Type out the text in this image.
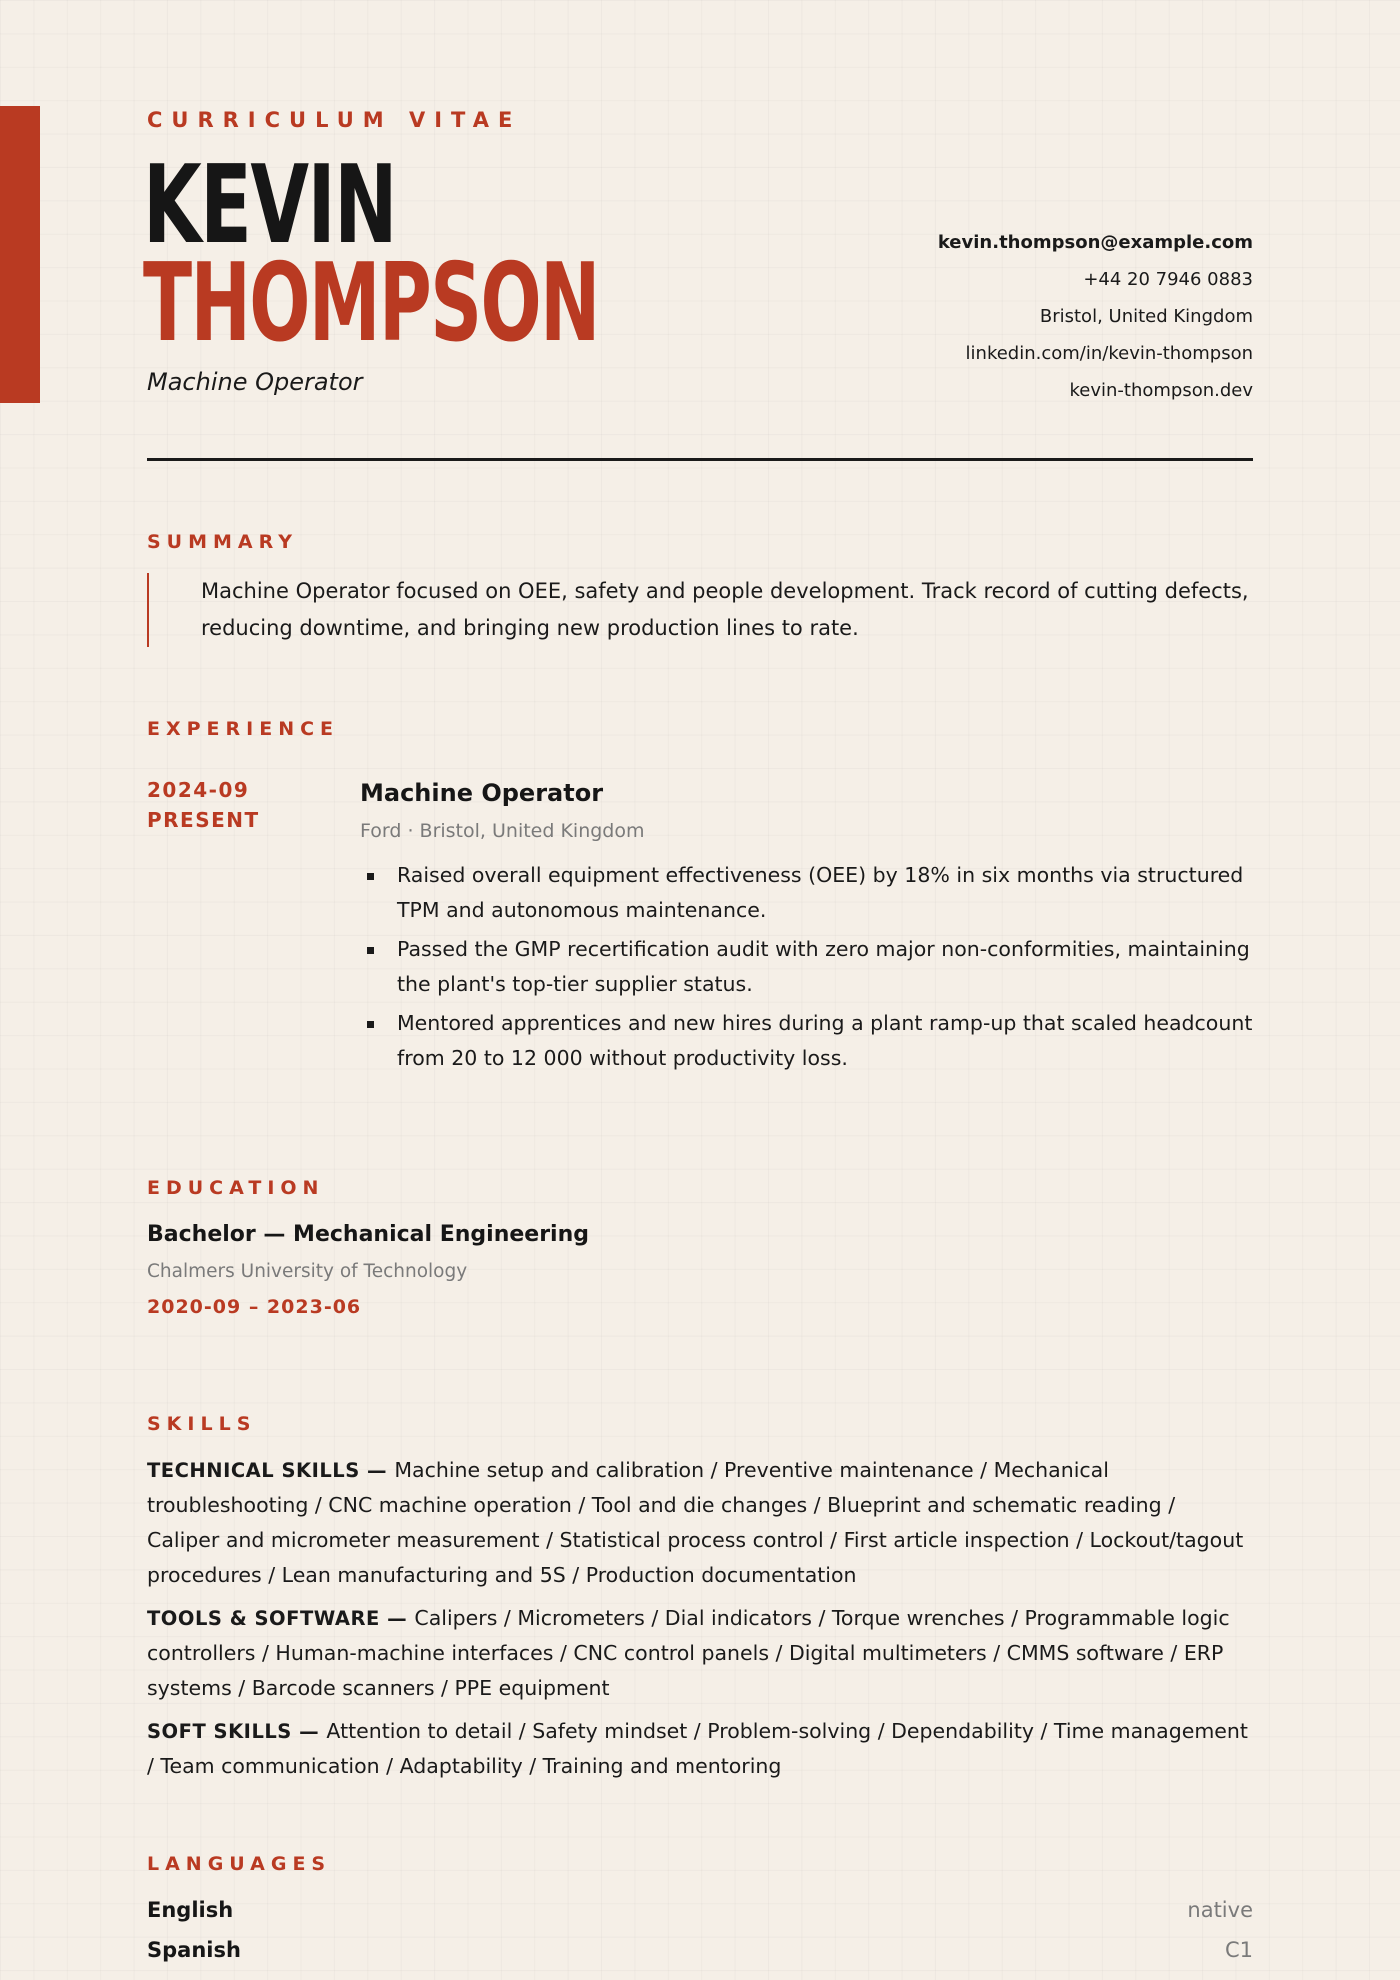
CURRICULUM VITAE
KEVIN
THOMPSON
Machine Operator
kevin.thompson@example.com
+44 20 7946 0883
Bristol, United Kingdom
linkedin.com/in/kevin-thompson
kevin-thompson.dev
SUMMARY
Machine Operator focused on OEE, safety and people development. Track record of cutting defects, reducing downtime, and bringing new production lines to rate.
EXPERIENCE
2024-09
PRESENT
Machine Operator
Ford · Bristol, United Kingdom
Raised overall equipment effectiveness (OEE) by 18% in six months via structured TPM and autonomous maintenance.
Passed the GMP recertification audit with zero major non-conformities, maintaining the plant's top-tier supplier status.
Mentored apprentices and new hires during a plant ramp-up that scaled headcount from 20 to 12 000 without productivity loss.
EDUCATION
Bachelor — Mechanical Engineering
Chalmers University of Technology
2020-09 – 2023-06
SKILLS
TECHNICAL SKILLS — Machine setup and calibration / Preventive maintenance / Mechanical troubleshooting / CNC machine operation / Tool and die changes / Blueprint and schematic reading / Caliper and micrometer measurement / Statistical process control / First article inspection / Lockout/tagout procedures / Lean manufacturing and 5S / Production documentation
TOOLS & SOFTWARE — Calipers / Micrometers / Dial indicators / Torque wrenches / Programmable logic controllers / Human-machine interfaces / CNC control panels / Digital multimeters / CMMS software / ERP systems / Barcode scanners / PPE equipment
SOFT SKILLS — Attention to detail / Safety mindset / Problem-solving / Dependability / Time management / Team communication / Adaptability / Training and mentoring
LANGUAGES
English	native
Spanish	C1
